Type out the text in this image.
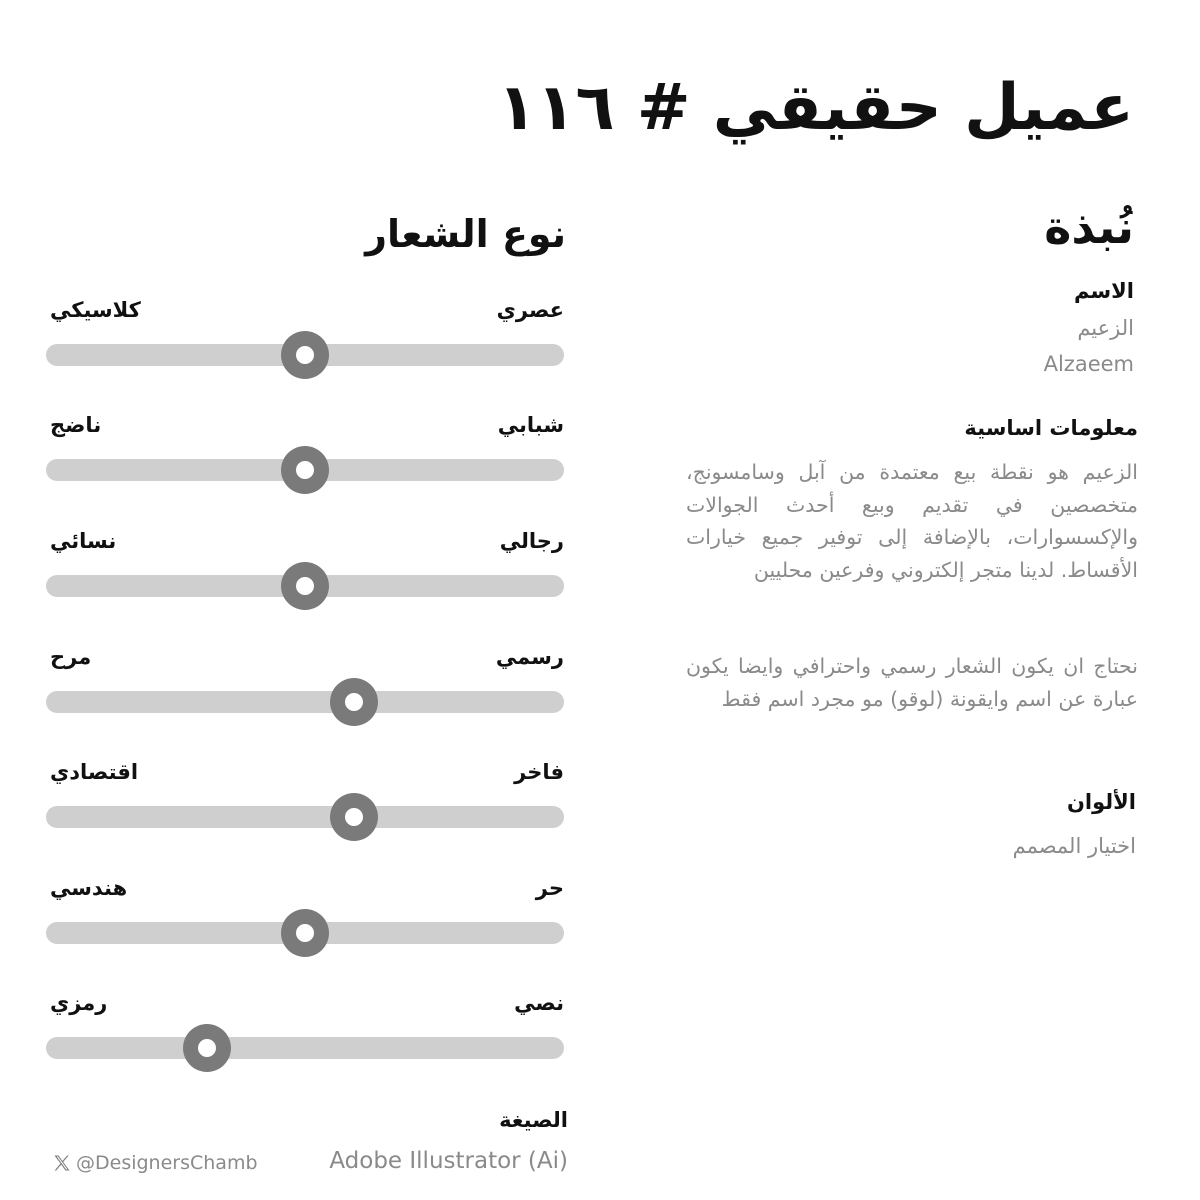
عميل حقيقي # ١١٦
نُبذة
الاسم
الزعيم
Alzaeem
معلومات اساسية
الزعيم هو نقطة بيع معتمدة من آبل وسامسونج، متخصصين في تقديم وبيع أحدث الجوالات والإكسسوارات، بالإضافة إلى توفير جميع خيارات الأقساط. لدينا متجر إلكتروني وفرعين محليين
نحتاج ان يكون الشعار رسمي واحترافي وايضا يكون عبارة عن اسم وايقونة (لوقو) مو مجرد اسم فقط
الألوان
اختيار المصمم
نوع الشعار
عصري
كلاسيكي
شبابي
ناضج
رجالي
نسائي
رسمي
مرح
فاخر
اقتصادي
حر
هندسي
نصي
رمزي
الصيغة
Adobe Illustrator (Ai)
@DesignersChamb
